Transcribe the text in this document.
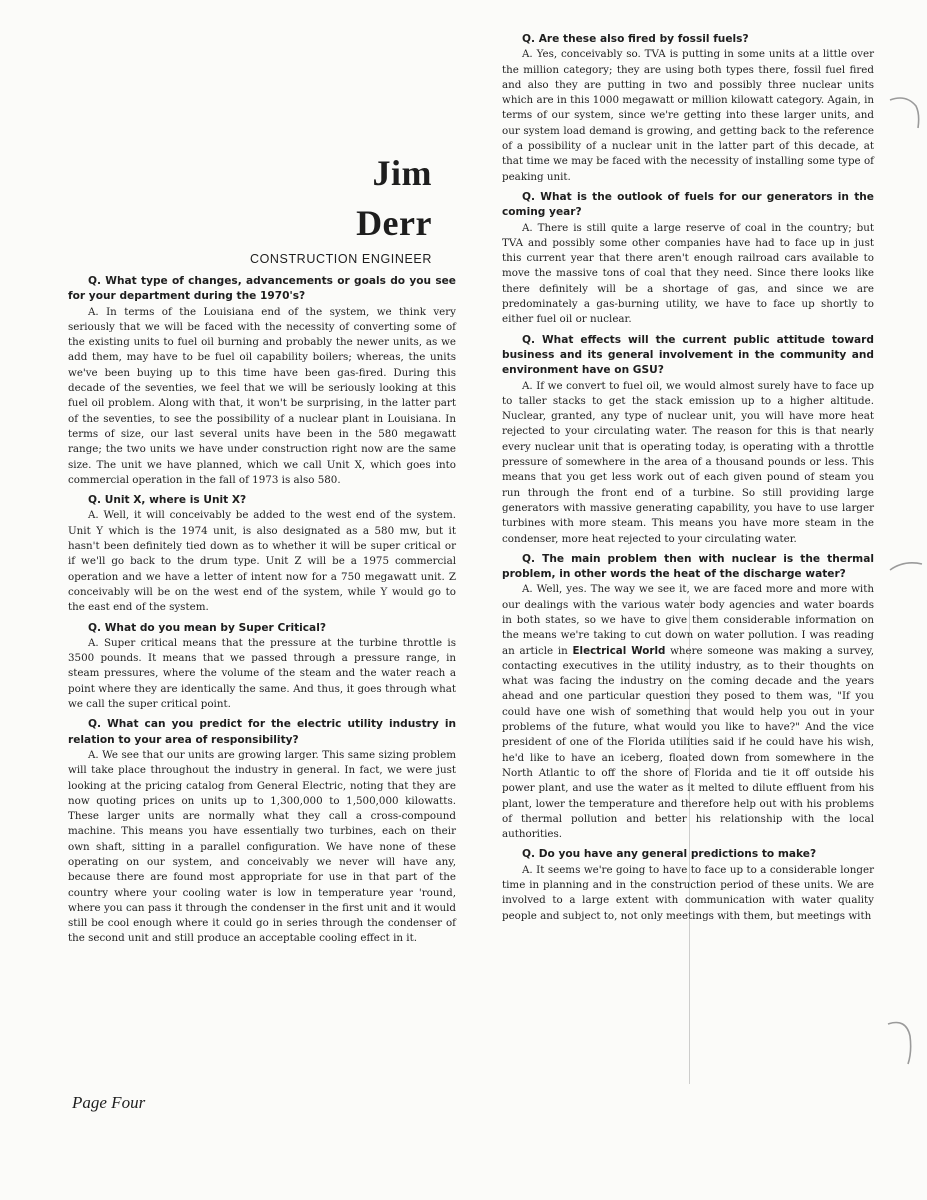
Jim
Derr
CONSTRUCTION ENGINEER

Q. What type of changes, advancements or goals do you see for your department during the 1970's?

A. In terms of the Louisiana end of the system, we think very seriously that we will be faced with the necessity of converting some of the existing units to fuel oil burning and probably the newer units, as we add them, may have to be fuel oil capability boilers; whereas, the units we've been buying up to this time have been gas-fired. During this decade of the seventies, we feel that we will be seriously looking at this fuel oil problem. Along with that, it won't be surprising, in the latter part of the seventies, to see the possibility of a nuclear plant in Louisiana. In terms of size, our last several units have been in the 580 megawatt range; the two units we have under construction right now are the same size. The unit we have planned, which we call Unit X, which goes into commercial operation in the fall of 1973 is also 580.

Q. Unit X, where is Unit X?

A. Well, it will conceivably be added to the west end of the system. Unit Y which is the 1974 unit, is also designated as a 580 mw, but it hasn't been definitely tied down as to whether it will be super critical or if we'll go back to the drum type. Unit Z will be a 1975 commercial operation and we have a letter of intent now for a 750 megawatt unit. Z conceivably will be on the west end of the system, while Y would go to the east end of the system.

Q. What do you mean by Super Critical?

A. Super critical means that the pressure at the turbine throttle is 3500 pounds. It means that we passed through a pressure range, in steam pressures, where the volume of the steam and the water reach a point where they are identically the same. And thus, it goes through what we call the super critical point.

Q. What can you predict for the electric utility industry in relation to your area of responsibility?

A. We see that our units are growing larger. This same sizing problem will take place throughout the industry in general. In fact, we were just looking at the pricing catalog from General Electric, noting that they are now quoting prices on units up to 1,300,000 to 1,500,000 kilowatts. These larger units are normally what they call a cross-compound machine. This means you have essentially two turbines, each on their own shaft, sitting in a parallel configuration. We have none of these operating on our system, and conceivably we never will have any, because there are found most appropriate for use in that part of the country where your cooling water is low in temperature year 'round, where you can pass it through the condenser in the first unit and it would still be cool enough where it could go in series through the condenser of the second unit and still produce an acceptable cooling effect in it.

Q. Are these also fired by fossil fuels?

A. Yes, conceivably so. TVA is putting in some units at a little over the million category; they are using both types there, fossil fuel fired and also they are putting in two and possibly three nuclear units which are in this 1000 megawatt or million kilowatt category. Again, in terms of our system, since we're getting into these larger units, and our system load demand is growing, and getting back to the reference of a possibility of a nuclear unit in the latter part of this decade, at that time we may be faced with the necessity of installing some type of peaking unit.

Q. What is the outlook of fuels for our generators in the coming year?

A. There is still quite a large reserve of coal in the country; but TVA and possibly some other companies have had to face up in just this current year that there aren't enough railroad cars available to move the massive tons of coal that they need. Since there looks like there definitely will be a shortage of gas, and since we are predominately a gas-burning utility, we have to face up shortly to either fuel oil or nuclear.

Q. What effects will the current public attitude toward business and its general involvement in the community and environment have on GSU?

A. If we convert to fuel oil, we would almost surely have to face up to taller stacks to get the stack emission up to a higher altitude. Nuclear, granted, any type of nuclear unit, you will have more heat rejected to your circulating water. The reason for this is that nearly every nuclear unit that is operating today, is operating with a throttle pressure of somewhere in the area of a thousand pounds or less. This means that you get less work out of each given pound of steam you run through the front end of a turbine. So still providing large generators with massive generating capability, you have to use larger turbines with more steam. This means you have more steam in the condenser, more heat rejected to your circulating water.

Q. The main problem then with nuclear is the thermal problem, in other words the heat of the discharge water?

A. Well, yes. The way we see it, we are faced more and more with our dealings with the various water body agencies and water boards in both states, so we have to give them considerable information on the means we're taking to cut down on water pollution. I was reading an article in Electrical World where someone was making a survey, contacting executives in the utility industry, as to their thoughts on what was facing the industry on the coming decade and the years ahead and one particular question they posed to them was, "If you could have one wish of something that would help you out in your problems of the future, what would you like to have?" And the vice president of one of the Florida utilities said if he could have his wish, he'd like to have an iceberg, floated down from somewhere in the North Atlantic to off the shore of Florida and tie it off outside his power plant, and use the water as it melted to dilute effluent from his plant, lower the temperature and therefore help out with his problems of thermal pollution and better his relationship with the local authorities.

Q. Do you have any general predictions to make?

A. It seems we're going to have to face up to a considerable longer time in planning and in the construction period of these units. We are involved to a large extent with communication with water quality people and subject to, not only meetings with them, but meetings with

Page Four
